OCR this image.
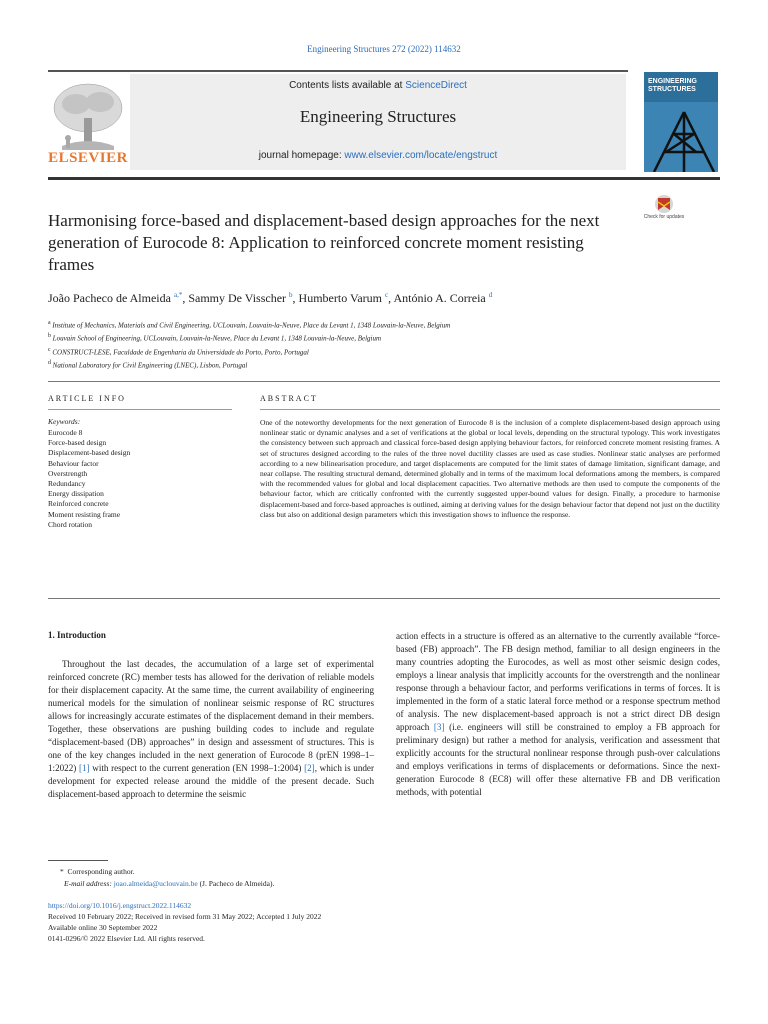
Engineering Structures 272 (2022) 114632
ELSEVIER
Contents lists available at ScienceDirect
Engineering Structures
journal homepage: www.elsevier.com/locate/engstruct
ENGINEERING STRUCTURES
Harmonising force-based and displacement-based design approaches for the next generation of Eurocode 8: Application to reinforced concrete moment resisting frames
Check for updates
João Pacheco de Almeida $^{a,*}$, Sammy De Visscher $^b$, Humberto Varum $^c$, António A. Correia $^d$
$^a$ Institute of Mechanics, Materials and Civil Engineering, UCLouvain, Louvain-la-Neuve, Place du Levant 1, 1348 Louvain-la-Neuve, Belgium
$^b$ Louvain School of Engineering, UCLouvain, Louvain-la-Neuve, Place du Levant 1, 1348 Louvain-la-Neuve, Belgium
$^c$ CONSTRUCT-LESE, Faculdade de Engenharia da Universidade do Porto, Porto, Portugal
$^d$ National Laboratory for Civil Engineering (LNEC), Lisbon, Portugal
ARTICLE INFO	ABSTRACT
Keywords:
Eurocode 8
Force-based design
Displacement-based design
Behaviour factor
Overstrength
Redundancy
Energy dissipation
Reinforced concrete
Moment resisting frame
Chord rotation
One of the noteworthy developments for the next generation of Eurocode 8 is the inclusion of a complete displacement-based design approach using nonlinear static or dynamic analyses and a set of verifications at the global or local levels, depending on the structural typology. This work investigates the consistency between such approach and classical force-based design applying behaviour factors, for reinforced concrete moment resisting frames. A set of structures designed according to the rules of the three novel ductility classes are used as case studies. Nonlinear static analyses are performed according to a new bilinearisation procedure, and target displacements are computed for the limit states of damage limitation, significant damage, and near collapse. The resulting structural demand, determined globally and in terms of the maximum local deformations among the members, is compared with the recommended values for global and local displacement capacities. Two alternative methods are then used to compute the components of the behaviour factor, which are critically confronted with the currently suggested upper-bound values for design. Finally, a procedure to harmonise displacement-based and force-based approaches is outlined, aiming at deriving values for the design behaviour factor that depend not just on the ductility class but also on additional design parameters which this investigation shows to influence the response.
1. Introduction
Throughout the last decades, the accumulation of a large set of experimental reinforced concrete (RC) member tests has allowed for the derivation of reliable models for their displacement capacity. At the same time, the current availability of engineering numerical models for the simulation of nonlinear seismic response of RC structures allows for increasingly accurate estimates of the displacement demand in their members. Together, these observations are pushing building codes to include and regulate “displacement-based (DB) approaches” in design and assessment of structures. This is one of the key changes included in the next generation of Eurocode 8 (prEN 1998–1–1:2022) [1] with respect to the current generation (EN 1998–1:2004) [2], which is under development for expected release around the middle of the present decade. Such displacement-based approach to determine the seismic
action effects in a structure is offered as an alternative to the currently available “force-based (FB) approach”. The FB design method, familiar to all design engineers in the many countries adopting the Eurocodes, as well as most other seismic design codes, employs a linear analysis that implicitly accounts for the overstrength and the nonlinear response through a behaviour factor, and performs verifications in terms of forces. It is implemented in the form of a static lateral force method or a response spectrum method of analysis. The new displacement-based approach is not a strict direct DB design approach [3] (i.e. engineers will still be constrained to employ a FB approach for preliminary design) but rather a method for analysis, verification and assessment that explicitly accounts for the structural nonlinear response through push-over calculations and employs verifications in terms of displacements or deformations. Since the next-generation Eurocode 8 (EC8) will offer these alternative FB and DB verification methods, with potential
*  Corresponding author.
E-mail address: joao.almeida@uclouvain.be (J. Pacheco de Almeida).
https://doi.org/10.1016/j.engstruct.2022.114632
Received 10 February 2022; Received in revised form 31 May 2022; Accepted 1 July 2022
Available online 30 September 2022
0141-0296/© 2022 Elsevier Ltd. All rights reserved.
